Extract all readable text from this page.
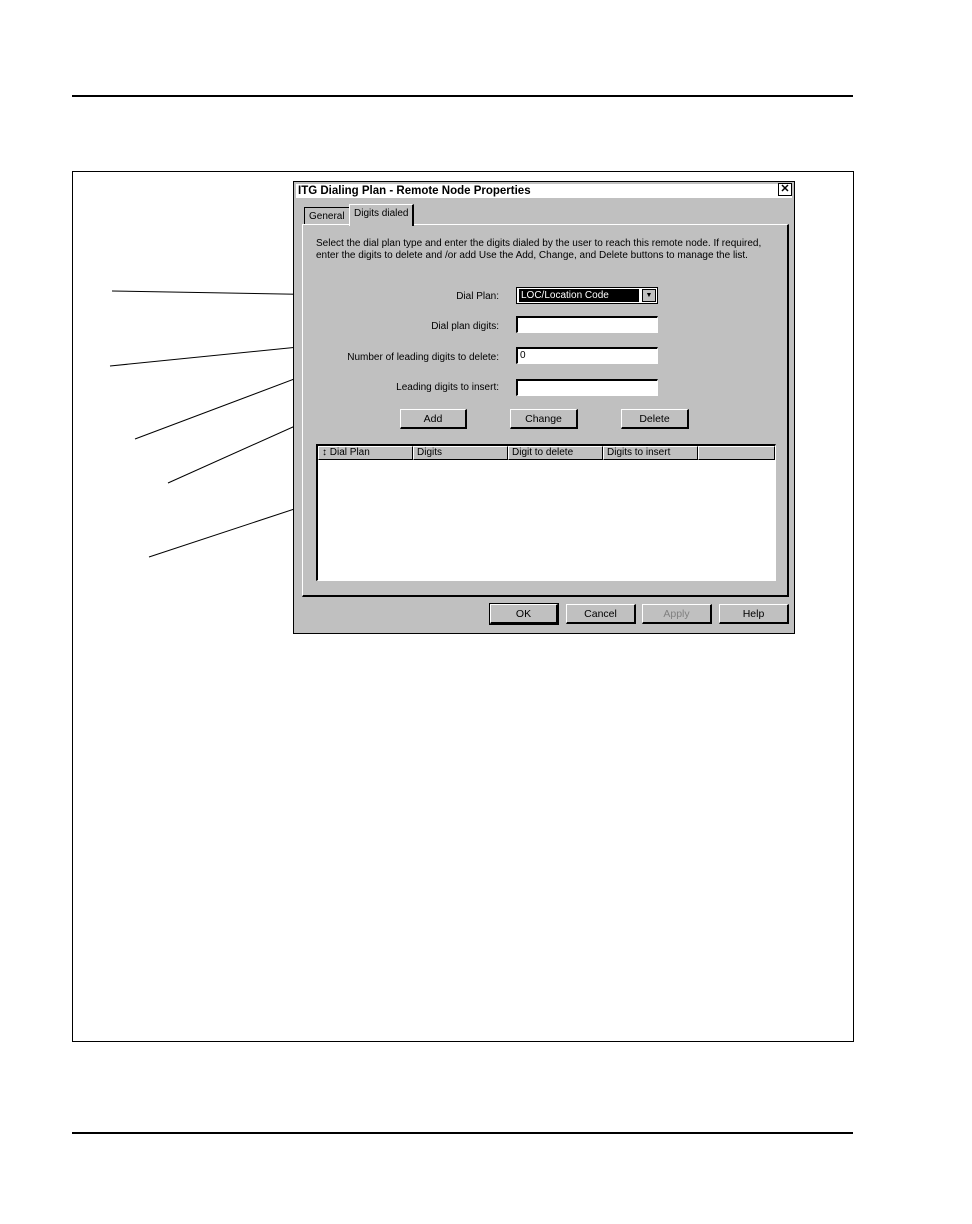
ITG Dialing Plan - Remote Node Properties	✕
General Digits dialed
Select the dial plan type and enter the digits dialed by the user to reach this remote node. If required, enter the digits to delete and /or add Use the Add, Change, and Delete buttons to manage the list.
Dial Plan: LOC/Location Code	▼
Dial plan digits:
Number of leading digits to delete:	0
Leading digits to insert:
Add	Change	Delete
↕ Dial Plan	Digits	Digit to delete	Digits to insert
OK	Cancel	Apply	Help
